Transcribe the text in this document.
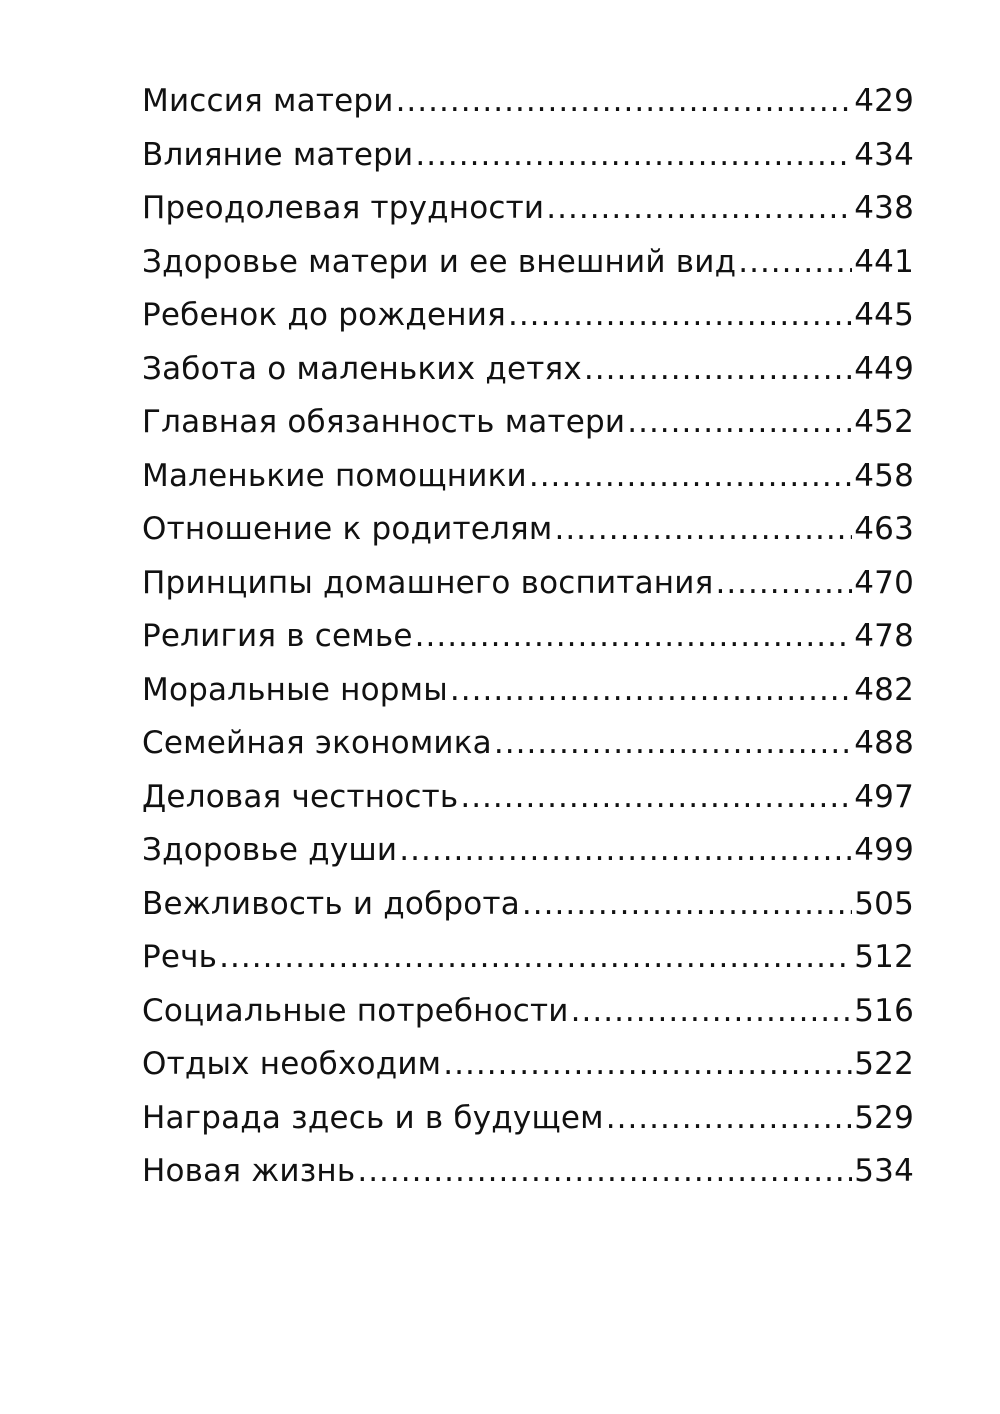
Миссия матери .....	429
Влияние матери .....	434
Преодолевая трудности .....	438
Здоровье матери и ее внешний вид .....	441
Ребенок до рождения .....	445
Забота о маленьких детях .....	449
Главная обязанность матери .....	452
Маленькие помощники .....	458
Отношение к родителям .....	463
Принципы домашнего воспитания .....	470
Религия в семье .....	478
Моральные нормы .....	482
Семейная экономика .....	488
Деловая честность .....	497
Здоровье души .....	499
Вежливость и доброта .....	505
Речь .....	512
Социальные потребности .....	516
Отдых необходим .....	522
Награда здесь и в будущем .....	529
Новая жизнь .....	534
